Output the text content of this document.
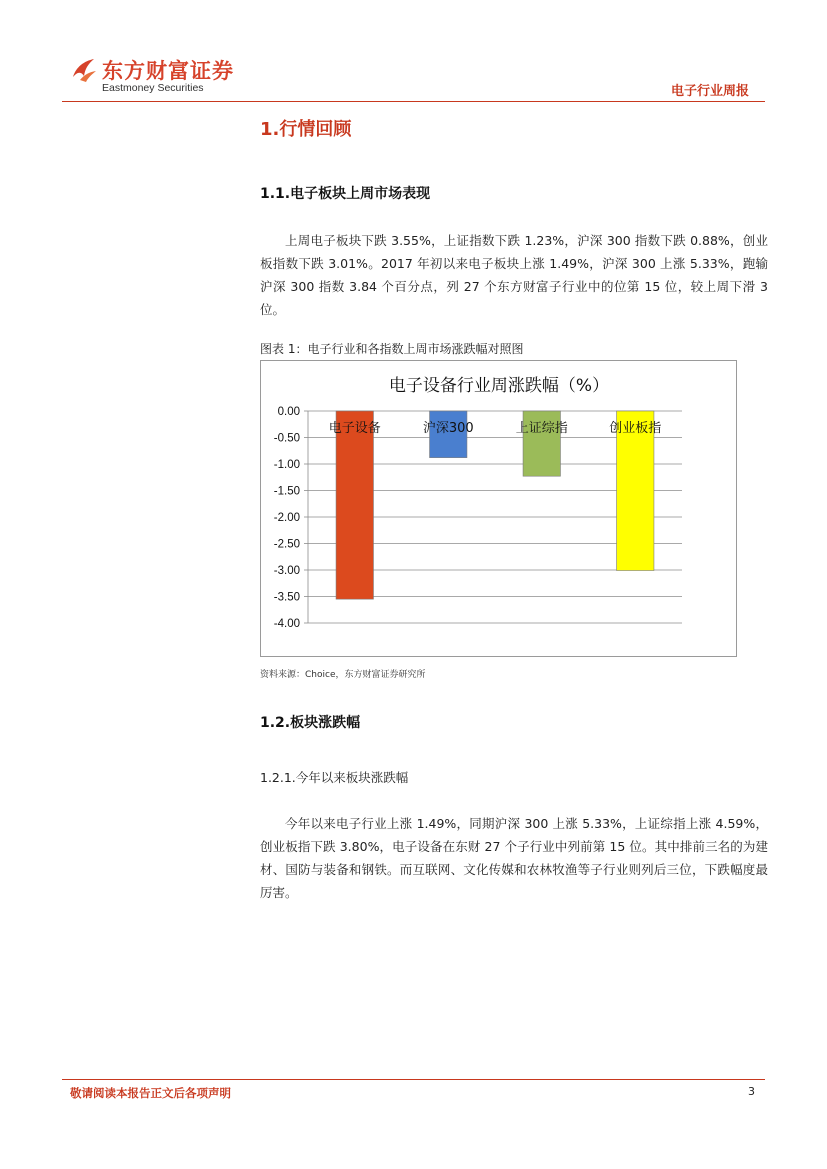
东方财富证券
Eastmoney Securities	电子行业周报
1.行情回顾
1.1.电子板块上周市场表现

上周电子板块下跌 3.55%，上证指数下跌 1.23%，沪深 300 指数下跌 0.88%，创业板指数下跌 3.01%。2017 年初以来电子板块上涨 1.49%，沪深 300 上涨 5.33%，跑输沪深 300 指数 3.84 个百分点，列 27 个东方财富子行业中的位第 15 位，较上周下滑 3位。

图表 1：电子行业和各指数上周市场涨跌幅对照图
电子设备行业周涨跌幅（%）
0.00
-0.50
-1.00
-1.50
-2.00
-2.50
-3.00
-3.50
-4.00
电子设备	沪深300	上证综指	创业板指
资料来源：Choice，东方财富证券研究所
1.2.板块涨跌幅
1.2.1.今年以来板块涨跌幅

今年以来电子行业上涨 1.49%，同期沪深 300 上涨 5.33%，上证综指上涨 4.59%，创业板指下跌 3.80%，电子设备在东财 27 个子行业中列前第 15 位。其中排前三名的为建材、国防与装备和钢铁。而互联网、文化传媒和农林牧渔等子行业则列后三位，下跌幅度最厉害。

敬请阅读本报告正文后各项声明	3
